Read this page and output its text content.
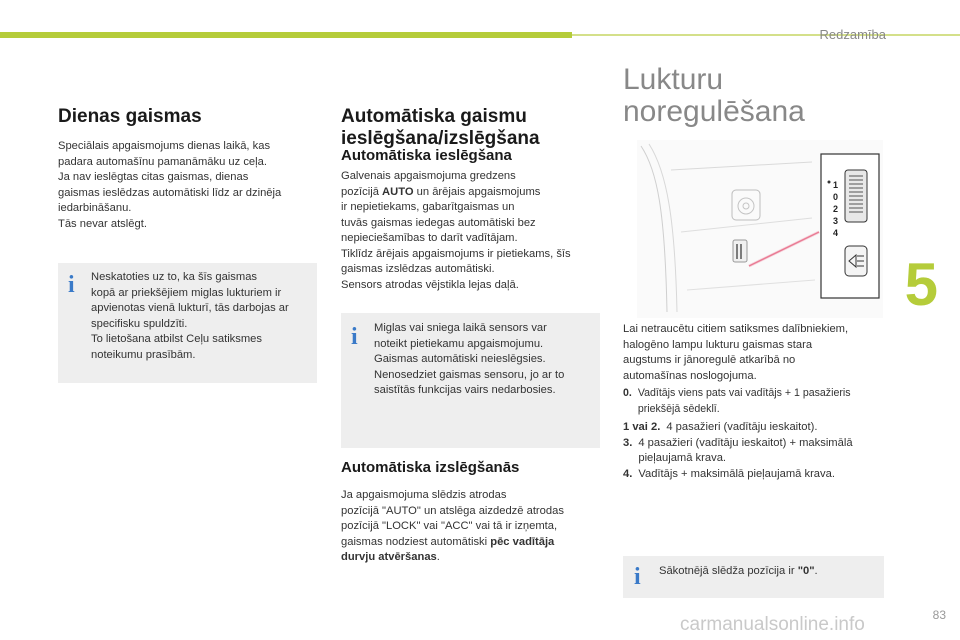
Redzamība
5
83
Dienas gaismas
Speciālais apgaismojums dienas laikā, kas
padara automašīnu pamanāmāku uz ceļa.
Ja nav ieslēgtas citas gaismas, dienas
gaismas ieslēdzas automātiski līdz ar dzinēja
iedarbināšanu.
Tās nevar atslēgt.
i Neskatoties uz to, ka šīs gaismas
kopā ar priekšējiem miglas lukturiem ir
apvienotas vienā lukturī, tās darbojas ar
specifisku spuldzīti.
To lietošana atbilst Ceļu satiksmes
noteikumu prasībām.
Automātiska gaismu
ieslēgšana/izslēgšana
Automātiska ieslēgšana
Galvenais apgaismojuma gredzens
pozīcijā AUTO un ārējais apgaismojums
ir nepietiekams, gabarītgaismas un
tuvās gaismas iedegas automātiski bez
nepieciešamības to darīt vadītājam.
Tiklīdz ārējais apgaismojums ir pietiekams, šīs
gaismas izslēdzas automātiski.
Sensors atrodas vējstikla lejas daļā.
i Miglas vai sniega laikā sensors var
noteikt pietiekamu apgaismojumu.
Gaismas automātiski neieslēgsies.
Nenosedziet gaismas sensoru, jo ar to
saistītās funkcijas vairs nedarbosies.
Automātiska izslēgšanās
Ja apgaismojuma slēdzis atrodas
pozīcijā "AUTO" un atslēga aizdedzē atrodas
pozīcijā "LOCK" vai "ACC" vai tā ir izņemta,
gaismas nodziest automātiski pēc vadītāja
durvju atvēršanas.
Lukturu
noregulēšana
1
0
2
3
4
Lai netraucētu citiem satiksmes dalībniekiem,
halogēno lampu lukturu gaismas stara
augstums ir jānoregulē atkarībā no
automašīnas noslogojuma.
0. Vadītājs viens pats vai vadītājs + 1 pasažieris priekšējā sēdeklī.
1 vai 2. 4 pasažieri (vadītāju ieskaitot).
3. 4 pasažieri (vadītāju ieskaitot) + maksimālā pieļaujamā krava.
4. Vadītājs + maksimālā pieļaujamā krava.
i Sākotnējā slēdža pozīcija ir "0".
carmanualsonline.info
